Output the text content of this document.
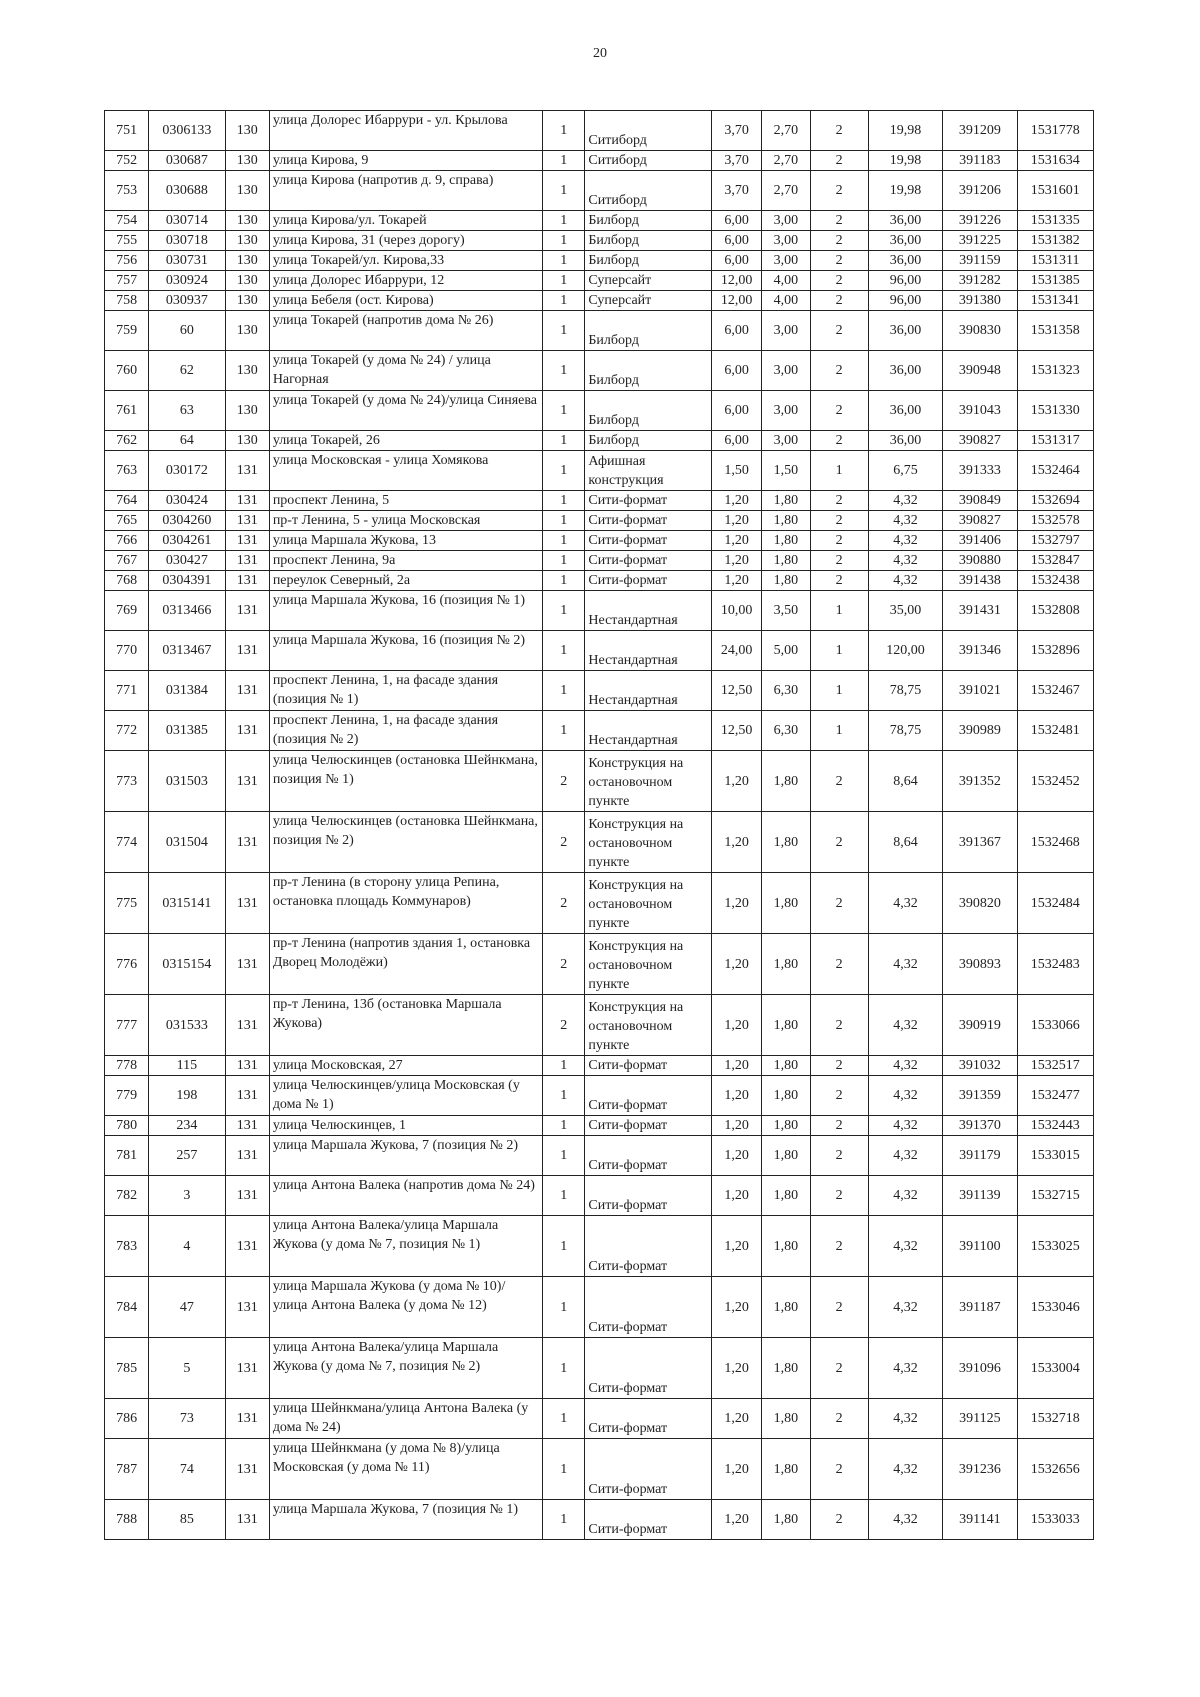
20
751	0306133	130	улица Долорес Ибаррури - ул. Крылова	1	Ситиборд	3,70	2,70	2	19,98	391209	1531778
752	030687	130	улица Кирова, 9	1	Ситиборд	3,70	2,70	2	19,98	391183	1531634
753	030688	130	улица Кирова (напротив д. 9, справа)	1	Ситиборд	3,70	2,70	2	19,98	391206	1531601
754	030714	130	улица Кирова/ул. Токарей	1	Билборд	6,00	3,00	2	36,00	391226	1531335
755	030718	130	улица Кирова, 31 (через дорогу)	1	Билборд	6,00	3,00	2	36,00	391225	1531382
756	030731	130	улица Токарей/ул. Кирова,33	1	Билборд	6,00	3,00	2	36,00	391159	1531311
757	030924	130	улица Долорес Ибаррури, 12	1	Суперсайт	12,00	4,00	2	96,00	391282	1531385
758	030937	130	улица Бебеля (ост. Кирова)	1	Суперсайт	12,00	4,00	2	96,00	391380	1531341
759	60	130	улица Токарей (напротив дома № 26)	1	Билборд	6,00	3,00	2	36,00	390830	1531358
760	62	130	улица Токарей (у дома № 24) / улица Нагорная	1	Билборд	6,00	3,00	2	36,00	390948	1531323
761	63	130	улица Токарей (у дома № 24)/улица Синяева	1	Билборд	6,00	3,00	2	36,00	391043	1531330
762	64	130	улица Токарей, 26	1	Билборд	6,00	3,00	2	36,00	390827	1531317
763	030172	131	улица Московская - улица Хомякова	1	Афишная конструкция	1,50	1,50	1	6,75	391333	1532464
764	030424	131	проспект Ленина, 5	1	Сити-формат	1,20	1,80	2	4,32	390849	1532694
765	0304260	131	пр-т Ленина, 5 - улица Московская	1	Сити-формат	1,20	1,80	2	4,32	390827	1532578
766	0304261	131	улица Маршала Жукова, 13	1	Сити-формат	1,20	1,80	2	4,32	391406	1532797
767	030427	131	проспект Ленина, 9а	1	Сити-формат	1,20	1,80	2	4,32	390880	1532847
768	0304391	131	переулок Северный, 2а	1	Сити-формат	1,20	1,80	2	4,32	391438	1532438
769	0313466	131	улица Маршала Жукова, 16 (позиция № 1)	1	Нестандартная	10,00	3,50	1	35,00	391431	1532808
770	0313467	131	улица Маршала Жукова, 16 (позиция № 2)	1	Нестандартная	24,00	5,00	1	120,00	391346	1532896
771	031384	131	проспект Ленина, 1, на фасаде здания (позиция № 1)	1	Нестандартная	12,50	6,30	1	78,75	391021	1532467
772	031385	131	проспект Ленина, 1, на фасаде здания (позиция № 2)	1	Нестандартная	12,50	6,30	1	78,75	390989	1532481
773	031503	131	улица Челюскинцев (остановка Шейнкмана, позиция № 1)	2	Конструкция на остановочном пункте	1,20	1,80	2	8,64	391352	1532452
774	031504	131	улица Челюскинцев (остановка Шейнкмана, позиция № 2)	2	Конструкция на остановочном пункте	1,20	1,80	2	8,64	391367	1532468
775	0315141	131	пр-т Ленина (в сторону улица Репина, остановка площадь Коммунаров)	2	Конструкция на остановочном пункте	1,20	1,80	2	4,32	390820	1532484
776	0315154	131	пр-т Ленина (напротив здания 1, остановка Дворец Молодёжи)	2	Конструкция на остановочном пункте	1,20	1,80	2	4,32	390893	1532483
777	031533	131	пр-т Ленина, 13б (остановка Маршала Жукова)	2	Конструкция на остановочном пункте	1,20	1,80	2	4,32	390919	1533066
778	115	131	улица Московская, 27	1	Сити-формат	1,20	1,80	2	4,32	391032	1532517
779	198	131	улица Челюскинцев/улица Московская (у дома № 1)	1	Сити-формат	1,20	1,80	2	4,32	391359	1532477
780	234	131	улица Челюскинцев, 1	1	Сити-формат	1,20	1,80	2	4,32	391370	1532443
781	257	131	улица Маршала Жукова, 7 (позиция № 2)	1	Сити-формат	1,20	1,80	2	4,32	391179	1533015
782	3	131	улица Антона Валека (напротив дома № 24)	1	Сити-формат	1,20	1,80	2	4,32	391139	1532715
783	4	131	улица Антона Валека/улица Маршала Жукова (у дома № 7, позиция № 1)	1	Сити-формат	1,20	1,80	2	4,32	391100	1533025
784	47	131	улица Маршала Жукова (у дома № 10)/улица Антона Валека (у дома № 12)	1	Сити-формат	1,20	1,80	2	4,32	391187	1533046
785	5	131	улица Антона Валека/улица Маршала Жукова (у дома № 7, позиция № 2)	1	Сити-формат	1,20	1,80	2	4,32	391096	1533004
786	73	131	улица Шейнкмана/улица Антона Валека (у дома № 24)	1	Сити-формат	1,20	1,80	2	4,32	391125	1532718
787	74	131	улица Шейнкмана (у дома № 8)/улица Московская (у дома № 11)	1	Сити-формат	1,20	1,80	2	4,32	391236	1532656
788	85	131	улица Маршала Жукова, 7 (позиция № 1)	1	Сити-формат	1,20	1,80	2	4,32	391141	1533033
